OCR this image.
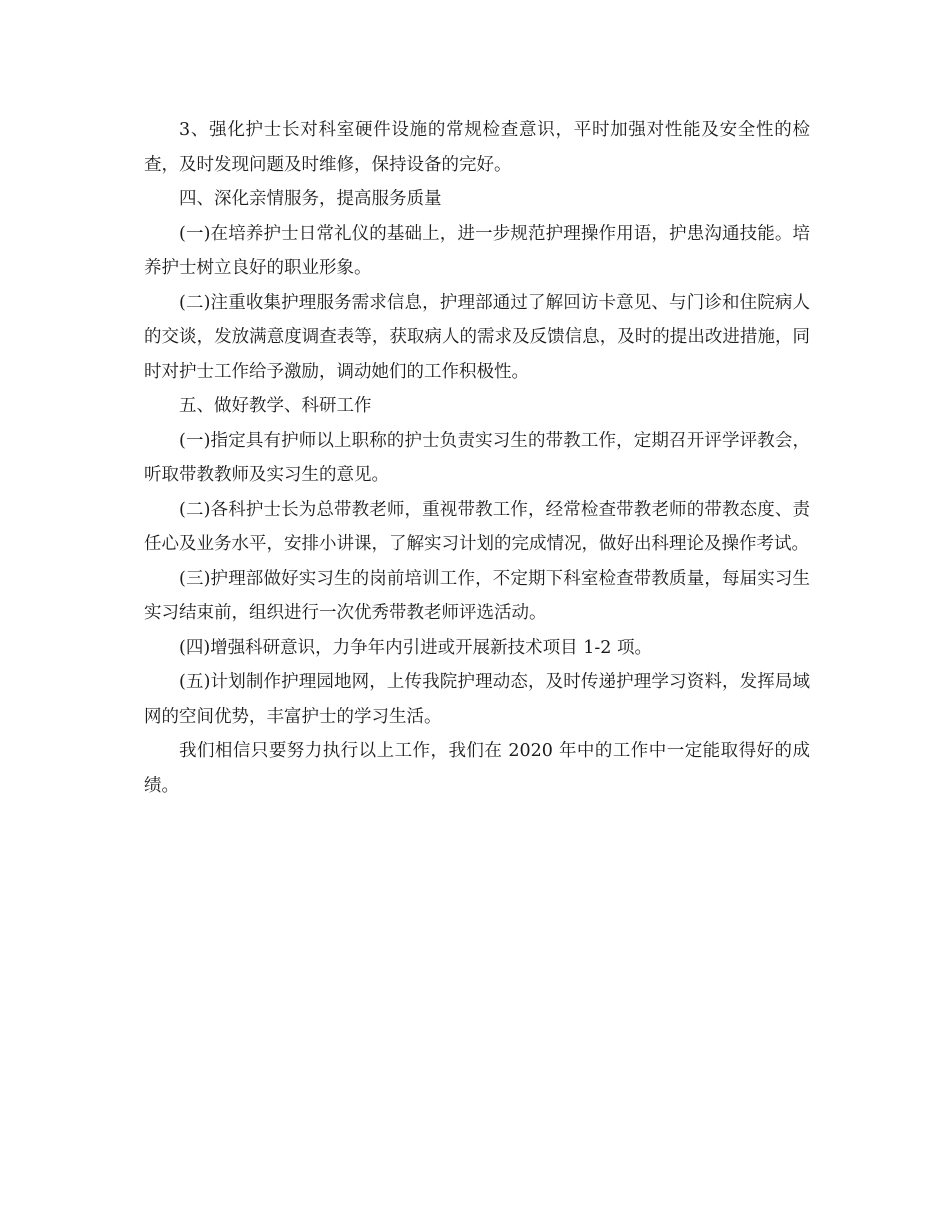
3、强化护士长对科室硬件设施的常规检查意识，平时加强对性能及安全性的检查，及时发现问题及时维修，保持设备的完好。

四、深化亲情服务，提高服务质量

(一)在培养护士日常礼仪的基础上，进一步规范护理操作用语，护患沟通技能。培养护士树立良好的职业形象。

(二)注重收集护理服务需求信息，护理部通过了解回访卡意见、与门诊和住院病人的交谈，发放满意度调查表等，获取病人的需求及反馈信息，及时的提出改进措施，同时对护士工作给予激励，调动她们的工作积极性。

五、做好教学、科研工作

(一)指定具有护师以上职称的护士负责实习生的带教工作，定期召开评学评教会，听取带教教师及实习生的意见。

(二)各科护士长为总带教老师，重视带教工作，经常检查带教老师的带教态度、责任心及业务水平，安排小讲课，了解实习计划的完成情况，做好出科理论及操作考试。

(三)护理部做好实习生的岗前培训工作，不定期下科室检查带教质量，每届实习生实习结束前，组织进行一次优秀带教老师评选活动。

(四)增强科研意识，力争年内引进或开展新技术项目 1-2 项。

(五)计划制作护理园地网，上传我院护理动态，及时传递护理学习资料，发挥局域网的空间优势，丰富护士的学习生活。

我们相信只要努力执行以上工作，我们在 2020 年中的工作中一定能取得好的成绩。
